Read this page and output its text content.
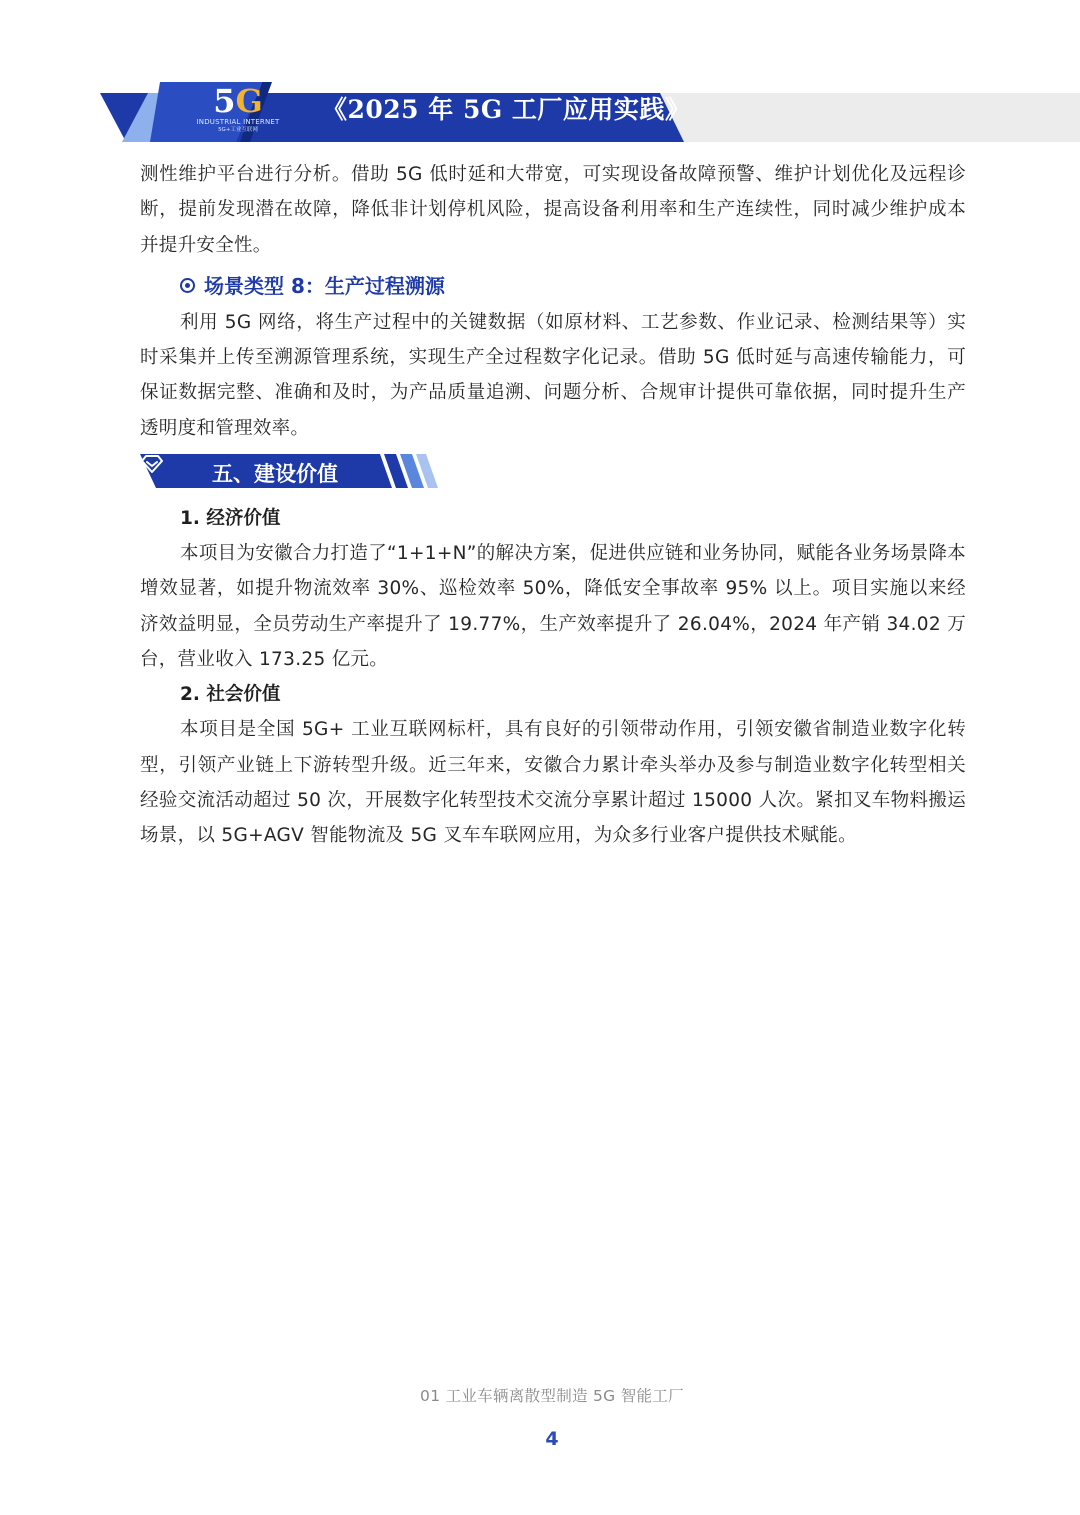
5G
INDUSTRIAL INTERNET
5G+工业互联网
《2025 年 5G 工厂应用实践》

测性维护平台进行分析。借助 5G 低时延和大带宽，可实现设备故障预警、维护计划优化及远程诊断，提前发现潜在故障，降低非计划停机风险，提高设备利用率和生产连续性，同时减少维护成本并提升安全性。

场景类型 8：生产过程溯源

利用 5G 网络，将生产过程中的关键数据（如原材料、工艺参数、作业记录、检测结果等）实时采集并上传至溯源管理系统，实现生产全过程数字化记录。借助 5G 低时延与高速传输能力，可保证数据完整、准确和及时，为产品质量追溯、问题分析、合规审计提供可靠依据，同时提升生产透明度和管理效率。

五、建设价值
1. 经济价值

本项目为安徽合力打造了“1+1+N”的解决方案，促进供应链和业务协同，赋能各业务场景降本增效显著，如提升物流效率 30%、巡检效率 50%，降低安全事故率 95% 以上。项目实施以来经济效益明显，全员劳动生产率提升了 19.77%，生产效率提升了 26.04%，2024 年产销 34.02 万台，营业收入 173.25 亿元。

2. 社会价值

本项目是全国 5G+ 工业互联网标杆，具有良好的引领带动作用，引领安徽省制造业数字化转型，引领产业链上下游转型升级。近三年来，安徽合力累计牵头举办及参与制造业数字化转型相关经验交流活动超过 50 次，开展数字化转型技术交流分享累计超过 15000 人次。紧扣叉车物料搬运场景，以 5G+AGV 智能物流及 5G 叉车车联网应用，为众多行业客户提供技术赋能。

01 工业车辆离散型制造 5G 智能工厂
4
